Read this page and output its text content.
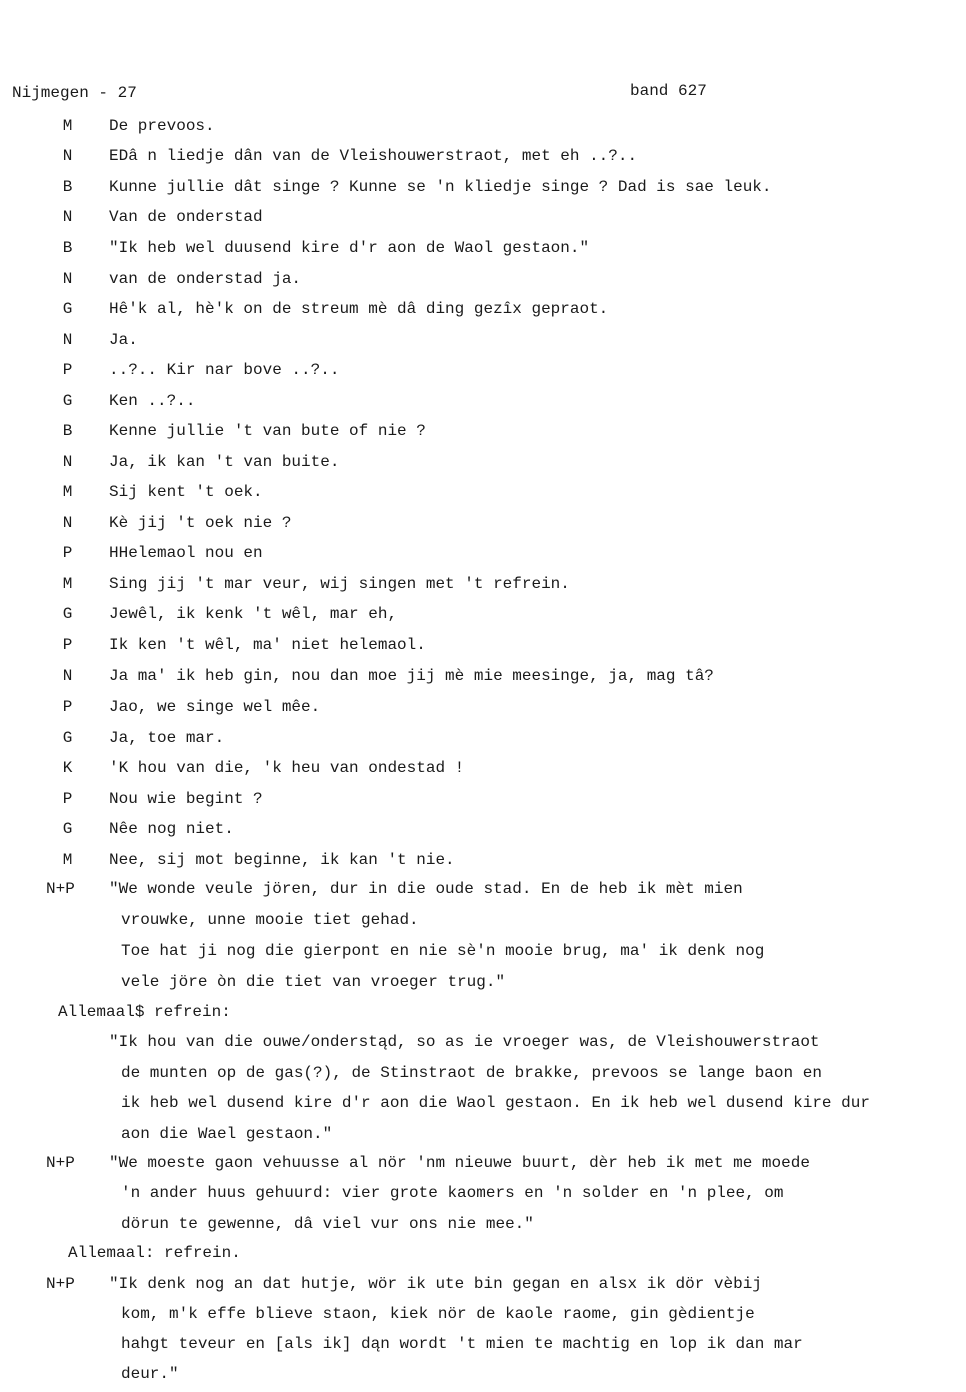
Nijmegen - 27	band 627
M	De prevoos.
N	EDâ n liedje dân van de Vleishouwerstraot, met eh ..?..
B	Kunne jullie dât singe ? Kunne se 'n kliedje singe ? Dad is sae leuk.
N	Van de onderstad
B	"Ik heb wel duusend kire d'r aon de Waol gestaon."
N	van de onderstad ja.
G	Hê'k al, hè'k on de streum mè dâ ding gezîx gepraot.
N	Ja.
P	..?.. Kir nar bove ..?..
G	Ken ..?..
B	Kenne jullie 't van bute of nie ?
N	Ja, ik kan 't van buite.
M	Sij kent 't oek.
N	Kè jij 't oek nie ?
P	HHelemaol nou en
M	Sing jij 't mar veur, wij singen met 't refrein.
G	Jewêl, ik kenk 't wêl, mar eh,
P	Ik ken 't wêl, ma' niet helemaol.
N	Ja ma' ik heb gin, nou dan moe jij mè mie meesinge, ja, mag tâ?
P	Jao, we singe wel mêe.
G	Ja, toe mar.
K	'K hou van die, 'k heu van ondestad !
P	Nou wie begint ?
G	Nêe nog niet.
M	Nee, sij mot beginne, ik kan 't nie.
N+P "We wonde veule jören, dur in die oude stad. En de heb ik mèt mien
vrouwke, unne mooie tiet gehad.
Toe hat ji nog die gierpont en nie sè'n mooie brug, ma' ik denk nog
vele jöre òn die tiet van vroeger trug."
Allemaal$ refrein:
"Ik hou van die ouwe/onderstąd, so as ie vroeger was, de Vleishouwerstraot
de munten op de gas(?), de Stinstraot de brakke, prevoos se lange baon en
ik heb wel dusend kire d'r aon die Waol gestaon. En ik heb wel dusend kire dur
aon die Wael gestaon."
N+P "We moeste gaon vehuusse al nör 'nm nieuwe buurt, dèr heb ik met me moede
'n ander huus gehuurd: vier grote kaomers en 'n solder en 'n plee, om
dörun te gewenne, dâ viel vur ons nie mee."
Allemaal: refrein.
N+P "Ik denk nog an dat hutje, wör ik ute bin gegan en alsx ik dör vèbij
kom, m'k effe blieve staon, kiek nör de kaole raome, gin gèdientje
hahgt teveur en [als ik] dąn wordt 't mien te machtig en lop ik dan mar
deur."
